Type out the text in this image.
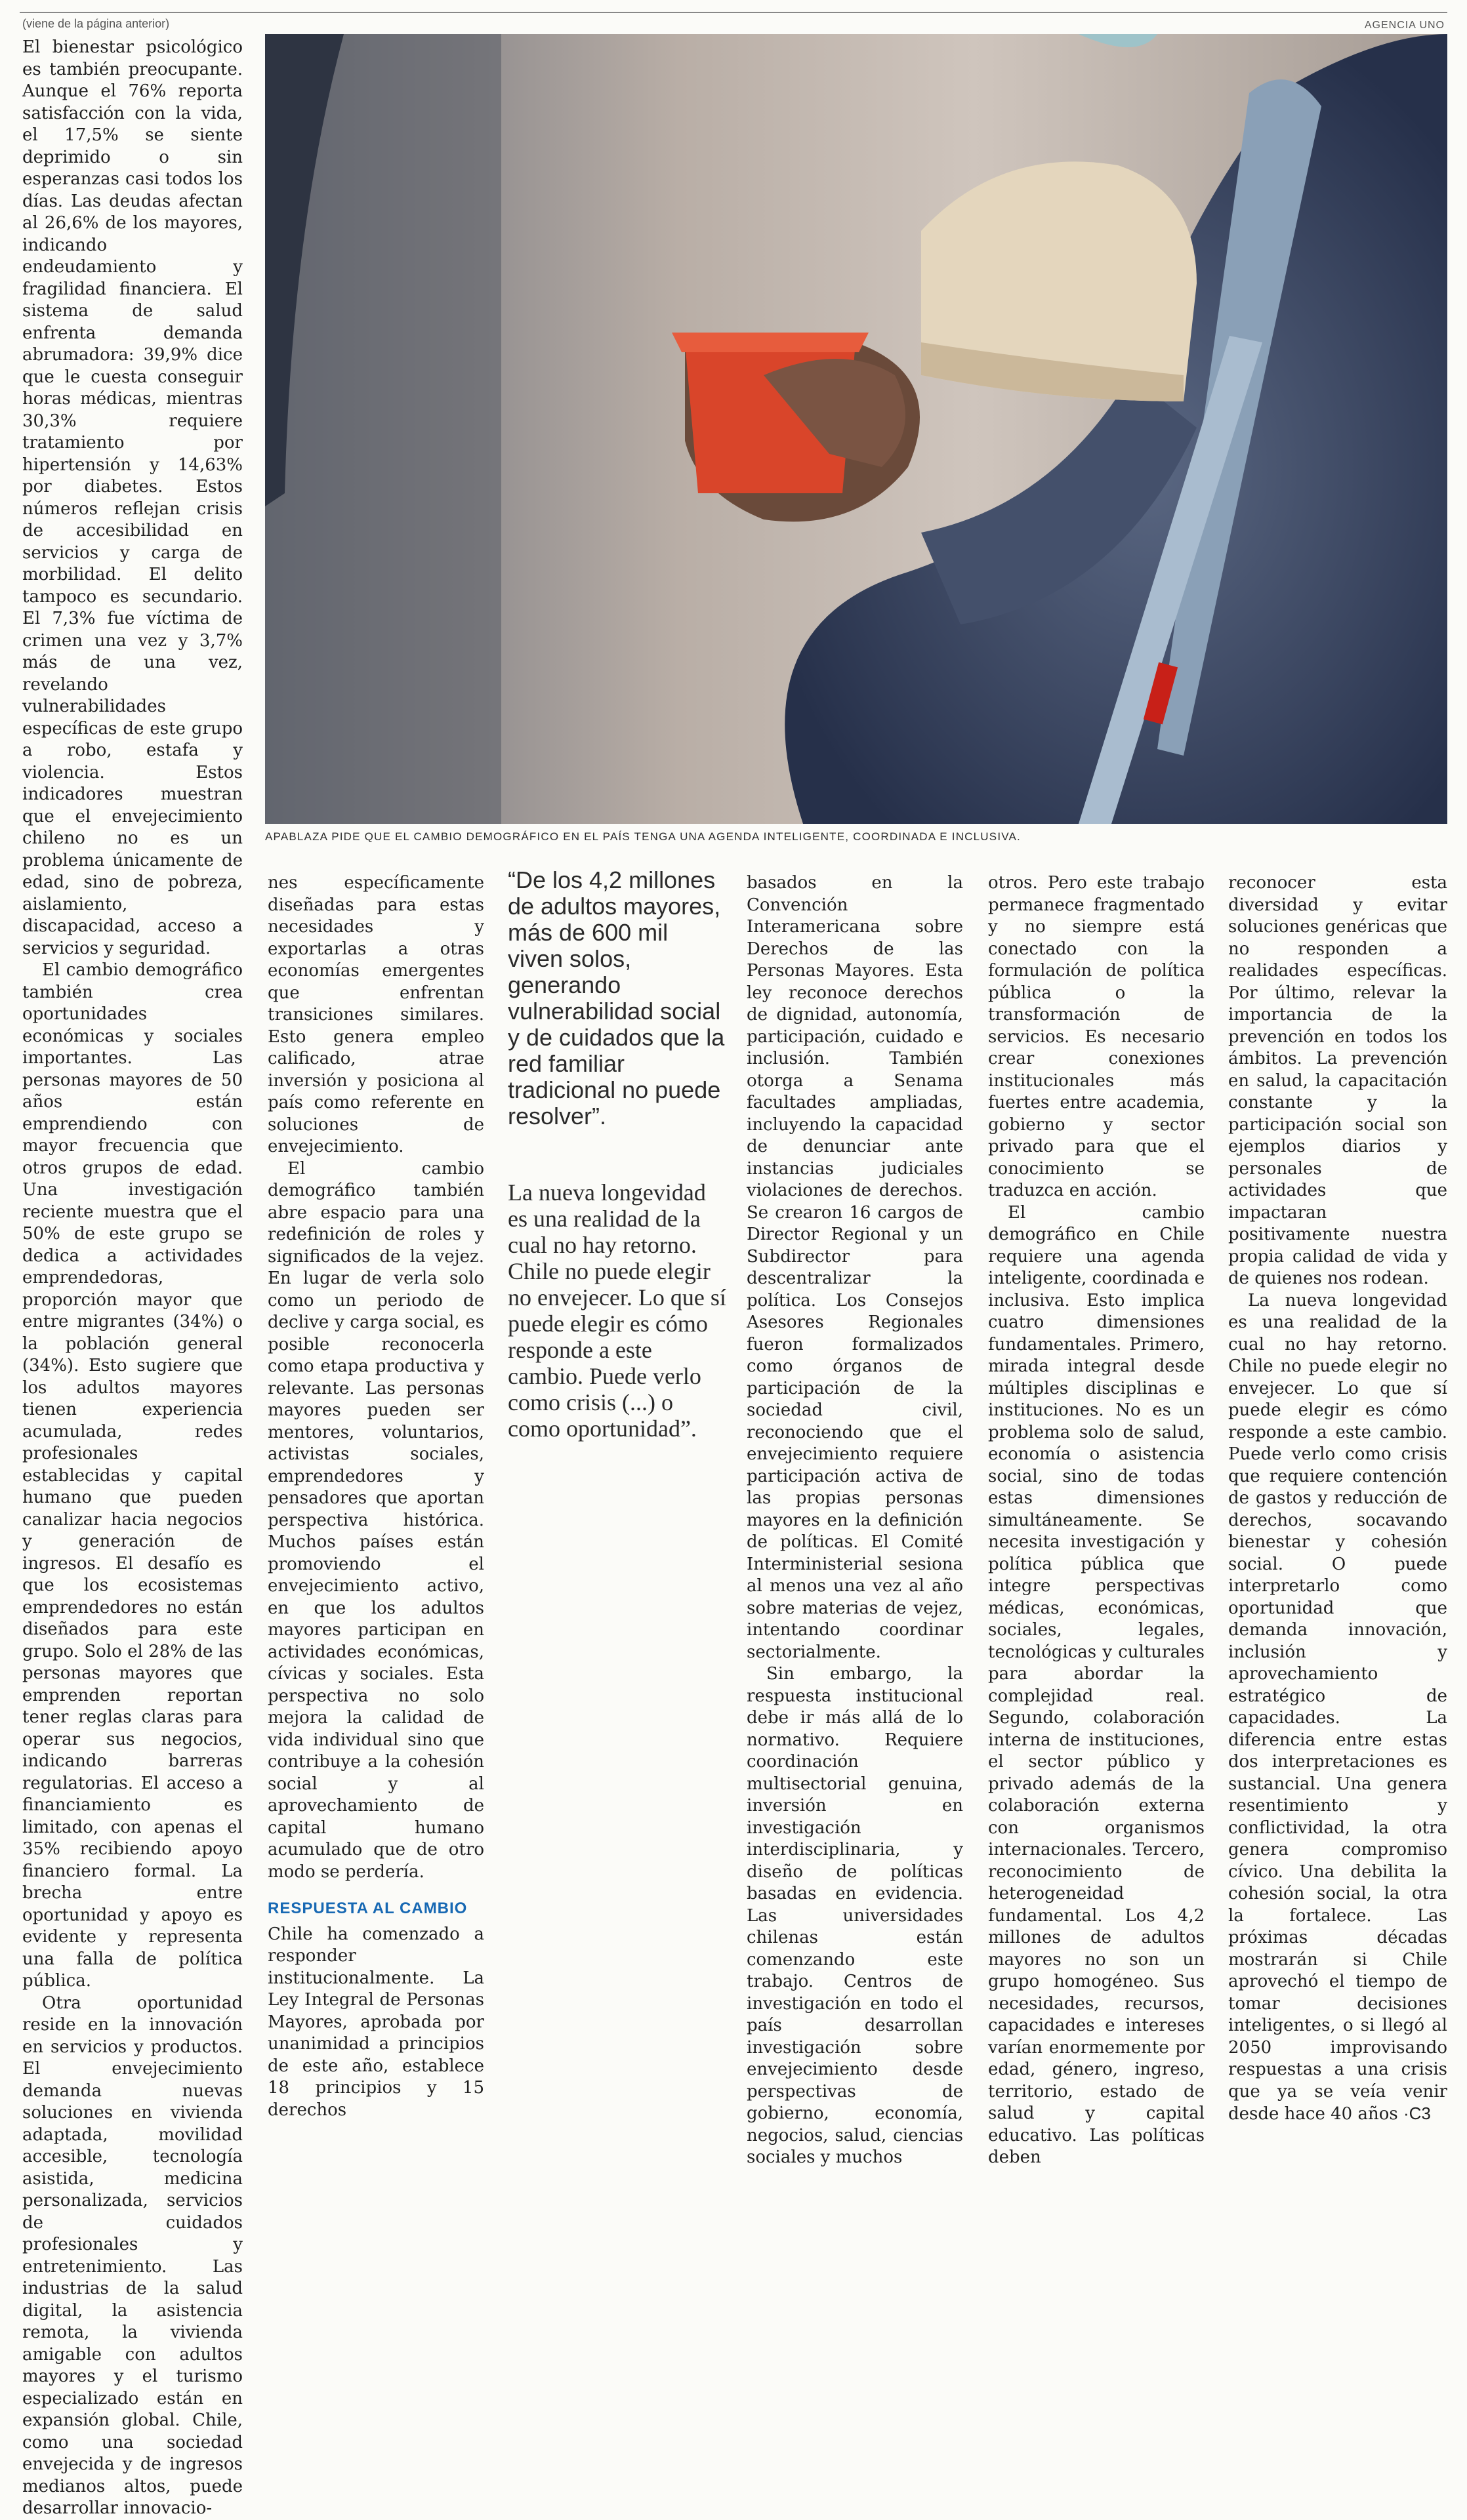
(viene de la página anterior)	AGENCIA UNO

El bienestar psicológico es también preocupante. Aunque el 76% reporta satisfacción con la vida, el 17,5% se siente deprimido o sin esperanzas casi todos los días. Las deudas afectan al 26,6% de los mayores, indicando endeudamiento y fragilidad financiera. El sistema de salud enfrenta demanda abrumadora: 39,9% dice que le cuesta conseguir horas médicas, mientras 30,3% requiere tratamiento por hipertensión y 14,63% por diabetes. Estos números reflejan crisis de accesibilidad en servicios y carga de morbilidad. El delito tampoco es secundario. El 7,3% fue víctima de crimen una vez y 3,7% más de una vez, revelando vulnerabilidades específicas de este grupo a robo, estafa y violencia. Estos indicadores muestran que el envejecimiento chileno no es un problema únicamente de edad, sino de pobreza, aislamiento, discapacidad, acceso a servicios y seguridad.

El cambio demográfico también crea oportunidades económicas y sociales importantes. Las personas mayores de 50 años están emprendiendo con mayor frecuencia que otros grupos de edad. Una investigación reciente muestra que el 50% de este grupo se dedica a actividades emprendedoras, proporción mayor que entre migrantes (34%) o la población general (34%). Esto sugiere que los adultos mayores tienen experiencia acumulada, redes profesionales establecidas y capital humano que pueden canalizar hacia negocios y generación de ingresos. El desafío es que los ecosistemas emprendedores no están diseñados para este grupo. Solo el 28% de las personas mayores que emprenden reportan tener reglas claras para operar sus negocios, indicando barreras regulatorias. El acceso a financiamiento es limitado, con apenas el 35% recibiendo apoyo financiero formal. La brecha entre oportunidad y apoyo es evidente y representa una falla de política pública.

Otra oportunidad reside en la innovación en servicios y productos. El envejecimiento demanda nuevas soluciones en vivienda adaptada, movilidad accesible, tecnología asistida, medicina personalizada, servicios de cuidados profesionales y entretenimiento. Las industrias de la salud digital, la asistencia remota, la vivienda amigable con adultos mayores y el turismo especializado están en expansión global. Chile, como una sociedad envejecida y de ingresos medianos altos, puede desarrollar innovacio-

APABLAZA PIDE QUE EL CAMBIO DEMOGRÁFICO EN EL PAÍS TENGA UNA AGENDA INTELIGENTE, COORDINADA E INCLUSIVA.

nes específicamente diseñadas para estas necesidades y exportarlas a otras economías emergentes que enfrentan transiciones similares. Esto genera empleo calificado, atrae inversión y posiciona al país como referente en soluciones de envejecimiento.

El cambio demográfico también abre espacio para una redefinición de roles y significados de la vejez. En lugar de verla solo como un periodo de declive y carga social, es posible reconocerla como etapa productiva y relevante. Las personas mayores pueden ser mentores, voluntarios, activistas sociales, emprendedores y pensadores que aportan perspectiva histórica. Muchos países están promoviendo el envejecimiento activo, en que los adultos mayores participan en actividades económicas, cívicas y sociales. Esta perspectiva no solo mejora la calidad de vida individual sino que contribuye a la cohesión social y al aprovechamiento de capital humano acumulado que de otro modo se perdería.

RESPUESTA AL CAMBIO

Chile ha comenzado a responder institucionalmente. La Ley Integral de Personas Mayores, aprobada por unanimidad a principios de este año, establece 18 principios y 15 derechos

“De los 4,2 millones de adultos mayores, más de 600 mil viven solos, generando vulnerabilidad social y de cuidados que la red familiar tradicional no puede resolver”.
La nueva longevidad es una realidad de la cual no hay retorno. Chile no puede elegir no envejecer. Lo que sí puede elegir es cómo responde a este cambio. Puede verlo como crisis (...) o como oportunidad”.

basados en la Convención Interamericana sobre Derechos de las Personas Mayores. Esta ley reconoce derechos de dignidad, autonomía, participación, cuidado e inclusión. También otorga a Senama facultades ampliadas, incluyendo la capacidad de denunciar ante instancias judiciales violaciones de derechos. Se crearon 16 cargos de Director Regional y un Subdirector para descentralizar la política. Los Consejos Asesores Regionales fueron formalizados como órganos de participación de la sociedad civil, reconociendo que el envejecimiento requiere participación activa de las propias personas mayores en la definición de políticas. El Comité Interministerial sesiona al menos una vez al año sobre materias de vejez, intentando coordinar sectorialmente.

Sin embargo, la respuesta institucional debe ir más allá de lo normativo. Requiere coordinación multisectorial genuina, inversión en investigación interdisciplinaria, y diseño de políticas basadas en evidencia. Las universidades chilenas están comenzando este trabajo. Centros de investigación en todo el país desarrollan investigación sobre envejecimiento desde perspectivas de gobierno, economía, negocios, salud, ciencias sociales y muchos

otros. Pero este trabajo permanece fragmentado y no siempre está conectado con la formulación de política pública o la transformación de servicios. Es necesario crear conexiones institucionales más fuertes entre academia, gobierno y sector privado para que el conocimiento se traduzca en acción.

El cambio demográfico en Chile requiere una agenda inteligente, coordinada e inclusiva. Esto implica cuatro dimensiones fundamentales. Primero, mirada integral desde múltiples disciplinas e instituciones. No es un problema solo de salud, economía o asistencia social, sino de todas estas dimensiones simultáneamente. Se necesita investigación y política pública que integre perspectivas médicas, económicas, sociales, legales, tecnológicas y culturales para abordar la complejidad real. Segundo, colaboración interna de instituciones, el sector público y privado además de la colaboración externa con organismos internacionales. Tercero, reconocimiento de heterogeneidad fundamental. Los 4,2 millones de adultos mayores no son un grupo homogéneo. Sus necesidades, recursos, capacidades e intereses varían enormemente por edad, género, ingreso, territorio, estado de salud y capital educativo. Las políticas deben

reconocer esta diversidad y evitar soluciones genéricas que no responden a realidades específicas. Por último, relevar la importancia de la prevención en todos los ámbitos. La prevención en salud, la capacitación constante y la participación social son ejemplos diarios y personales de actividades que impactaran positivamente nuestra propia calidad de vida y de quienes nos rodean.

La nueva longevidad es una realidad de la cual no hay retorno. Chile no puede elegir no envejecer. Lo que sí puede elegir es cómo responde a este cambio. Puede verlo como crisis que requiere contención de gastos y reducción de derechos, socavando bienestar y cohesión social. O puede interpretarlo como oportunidad que demanda innovación, inclusión y aprovechamiento estratégico de capacidades. La diferencia entre estas dos interpretaciones es sustancial. Una genera resentimiento y conflictividad, la otra genera compromiso cívico. Una debilita la cohesión social, la otra la fortalece. Las próximas décadas mostrarán si Chile aprovechó el tiempo de tomar decisiones inteligentes, o si llegó al 2050 improvisando respuestas a una crisis que ya se veía venir desde hace 40 años ·C3
